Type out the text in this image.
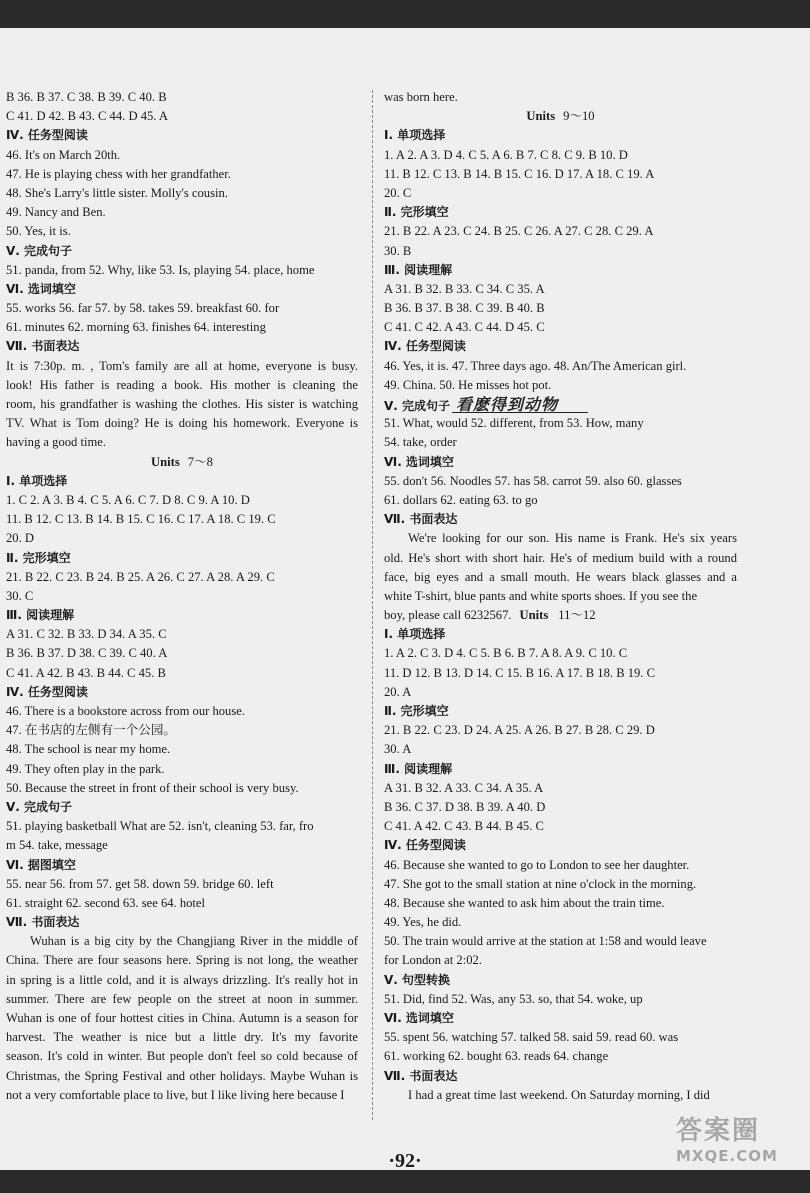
B 36. B 37. C 38. B 39. C 40. B
C 41. D 42. B 43. C 44. D 45. A
Ⅳ. 任务型阅读
46. It's on March 20th.
47. He is playing chess with her grandfather.
48. She's Larry's little sister. Molly's cousin.
49. Nancy and Ben.
50. Yes, it is.
Ⅴ. 完成句子
51. panda, from 52. Why, like 53. Is, playing 54. place, home
Ⅵ. 选词填空
55. works 56. far 57. by 58. takes 59. breakfast 60. for
61. minutes 62. morning 63. finishes 64. interesting
Ⅶ. 书面表达
It is 7:30p. m. , Tom's family are all at home, everyone is busy.
look! His father is reading a book. His mother is cleaning the
room, his grandfather is washing the clothes. His sister is watching
TV. What is Tom doing? He is doing his homework. Everyone is
having a good time.
Units 7～8
Ⅰ. 单项选择
1. C 2. A 3. B 4. C 5. A 6. C 7. D 8. C 9. A 10. D
11. B 12. C 13. B 14. B 15. C 16. C 17. A 18. C 19. C
20. D
Ⅱ. 完形填空
21. B 22. C 23. B 24. B 25. A 26. C 27. A 28. A 29. C
30. C
Ⅲ. 阅读理解
A 31. C 32. B 33. D 34. A 35. C
B 36. B 37. D 38. C 39. C 40. A
C 41. A 42. B 43. B 44. C 45. B
Ⅳ. 任务型阅读
46. There is a bookstore across from our house.
47. 在书店的左侧有一个公园。
48. The school is near my home.
49. They often play in the park.
50. Because the street in front of their school is very busy.
Ⅴ. 完成句子
51. playing basketball What are 52. isn't, cleaning 53. far, fro
m 54. take, message
Ⅵ. 据图填空
55. near 56. from 57. get 58. down 59. bridge 60. left
61. straight 62. second 63. see 64. hotel
Ⅶ. 书面表达
Wuhan is a big city by the Changjiang River in the middle of
China. There are four seasons here. Spring is not long, the weather
in spring is a little cold, and it is always drizzling. It's really hot in
summer. There are few people on the street at noon in summer.
Wuhan is one of four hottest cities in China. Autumn is a season for
harvest. The weather is nice but a little dry. It's my favorite
season. It's cold in winter. But people don't feel so cold because of
Christmas, the Spring Festival and other holidays. Maybe Wuhan is
not a very comfortable place to live, but I like living here because I
was born here.
Units 9～10
Ⅰ. 单项选择
1. A 2. A 3. D 4. C 5. A 6. B 7. C 8. C 9. B 10. D
11. B 12. C 13. B 14. B 15. C 16. D 17. A 18. C 19. A
20. C
Ⅱ. 完形填空
21. B 22. A 23. C 24. B 25. C 26. A 27. C 28. C 29. A
30. B
Ⅲ. 阅读理解
A 31. B 32. B 33. C 34. C 35. A
B 36. B 37. B 38. C 39. B 40. B
C 41. C 42. A 43. C 44. D 45. C
Ⅳ. 任务型阅读
46. Yes, it is. 47. Three days ago. 48. An/The American girl.
49. China. 50. He misses hot pot.
Ⅴ. 完成句子 看麽得到动物
51. What, would 52. different, from 53. How, many
54. take, order
Ⅵ. 选词填空
55. don't 56. Noodles 57. has 58. carrot 59. also 60. glasses
61. dollars 62. eating 63. to go
Ⅶ. 书面表达
We're looking for our son. His name is Frank. He's six years
old. He's short with short hair. He's of medium build with a round
face, big eyes and a small mouth. He wears black glasses and a
white T-shirt, blue pants and white sports shoes. If you see the
boy, please call 6232567. Units 11～12
Ⅰ. 单项选择
1. A 2. C 3. D 4. C 5. B 6. B 7. A 8. A 9. C 10. C
11. D 12. B 13. D 14. C 15. B 16. A 17. B 18. B 19. C
20. A
Ⅱ. 完形填空
21. B 22. C 23. D 24. A 25. A 26. B 27. B 28. C 29. D
30. A
Ⅲ. 阅读理解
A 31. B 32. A 33. C 34. A 35. A
B 36. C 37. D 38. B 39. A 40. D
C 41. A 42. C 43. B 44. B 45. C
Ⅳ. 任务型阅读
46. Because she wanted to go to London to see her daughter.
47. She got to the small station at nine o'clock in the morning.
48. Because she wanted to ask him about the train time.
49. Yes, he did.
50. The train would arrive at the station at 1:58 and would leave
for London at 2:02.
Ⅴ. 句型转换
51. Did, find 52. Was, any 53. so, that 54. woke, up
Ⅵ. 选词填空
55. spent 56. watching 57. talked 58. said 59. read 60. was
61. working 62. bought 63. reads 64. change
Ⅶ. 书面表达
I had a great time last weekend. On Saturday morning, I did
·92·
答案圈
MXQE.COM
